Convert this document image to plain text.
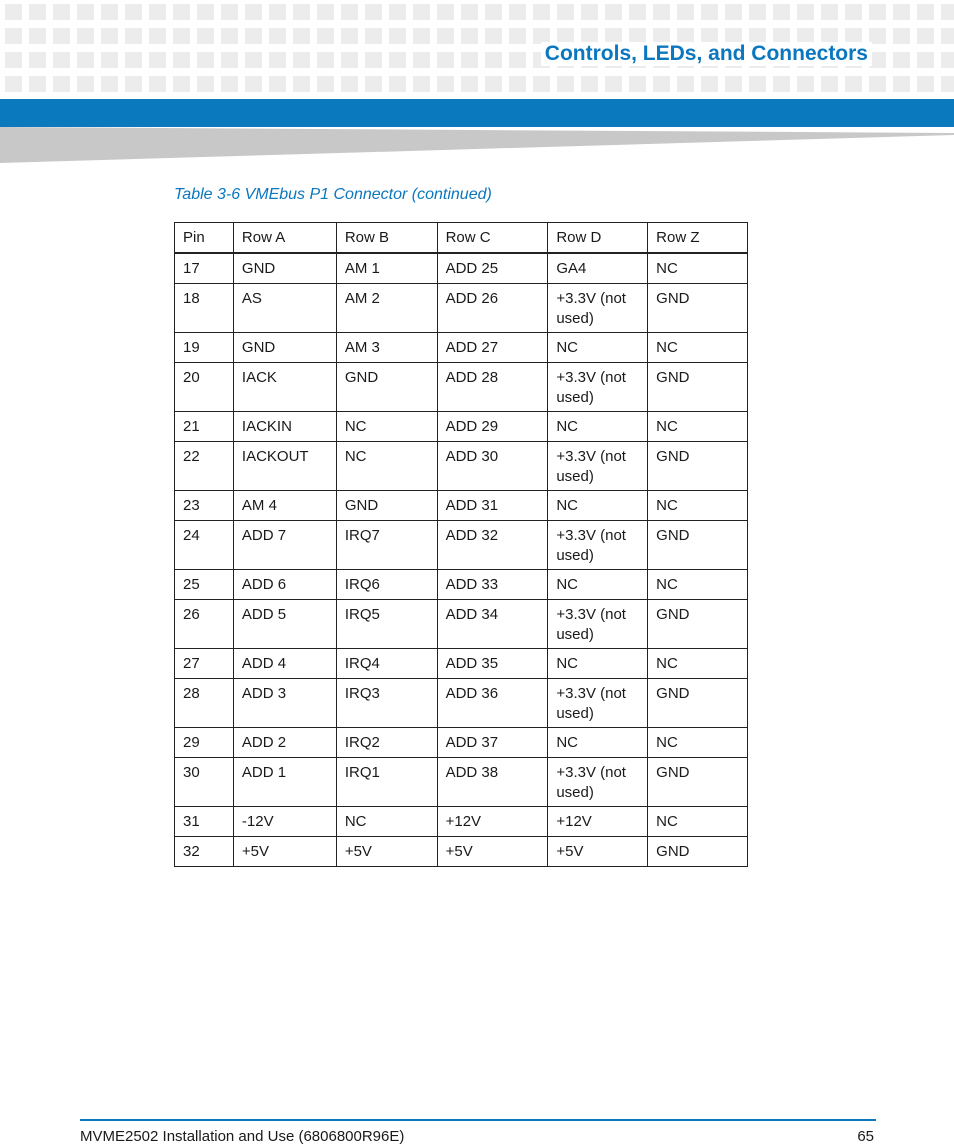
Controls, LEDs, and Connectors
Table 3-6 VMEbus P1 Connector (continued)
Pin	Row A	Row B	Row C	Row D	Row Z
17	GND	AM 1	ADD 25	GA4	NC
18	AS	AM 2	ADD 26	+3.3V (not used)	GND
19	GND	AM 3	ADD 27	NC	NC
20	IACK	GND	ADD 28	+3.3V (not used)	GND
21	IACKIN	NC	ADD 29	NC	NC
22	IACKOUT	NC	ADD 30	+3.3V (not used)	GND
23	AM 4	GND	ADD 31	NC	NC
24	ADD 7	IRQ7	ADD 32	+3.3V (not used)	GND
25	ADD 6	IRQ6	ADD 33	NC	NC
26	ADD 5	IRQ5	ADD 34	+3.3V (not used)	GND
27	ADD 4	IRQ4	ADD 35	NC	NC
28	ADD 3	IRQ3	ADD 36	+3.3V (not used)	GND
29	ADD 2	IRQ2	ADD 37	NC	NC
30	ADD 1	IRQ1	ADD 38	+3.3V (not used)	GND
31	-12V	NC	+12V	+12V	NC
32	+5V	+5V	+5V	+5V	GND
MVME2502 Installation and Use (6806800R96E)	65
